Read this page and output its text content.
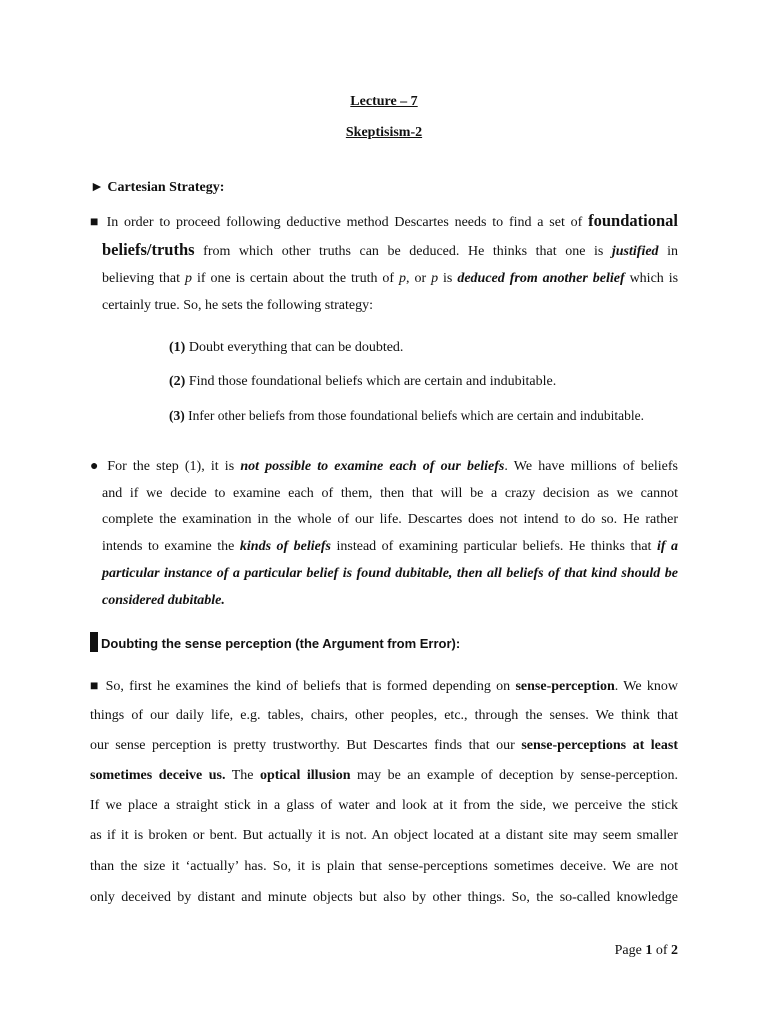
Lecture – 7
Skeptisism-2
► Cartesian Strategy:
■ In order to proceed following deductive method Descartes needs to find a set of foundational
beliefs/truths from which other truths can be deduced. He thinks that one is justified in
believing that p if one is certain about the truth of p, or p is deduced from another belief which is
certainly true. So, he sets the following strategy:
(1) Doubt everything that can be doubted.
(2) Find those foundational beliefs which are certain and indubitable.
(3) Infer other beliefs from those foundational beliefs which are certain and indubitable.
● For the step (1), it is not possible to examine each of our beliefs. We have millions of beliefs
and if we decide to examine each of them, then that will be a crazy decision as we cannot
complete the examination in the whole of our life. Descartes does not intend to do so. He rather
intends to examine the kinds of beliefs instead of examining particular beliefs. He thinks that if a
particular instance of a particular belief is found dubitable, then all beliefs of that kind should be
considered dubitable.
Doubting the sense perception (the Argument from Error):
■ So, first he examines the kind of beliefs that is formed depending on sense-perception. We know
things of our daily life, e.g. tables, chairs, other peoples, etc., through the senses. We think that
our sense perception is pretty trustworthy. But Descartes finds that our sense-perceptions at least
sometimes deceive us. The optical illusion may be an example of deception by sense-perception.
If we place a straight stick in a glass of water and look at it from the side, we perceive the stick
as if it is broken or bent. But actually it is not. An object located at a distant site may seem smaller
than the size it ‘actually’ has. So, it is plain that sense-perceptions sometimes deceive. We are not
only deceived by distant and minute objects but also by other things. So, the so-called knowledge
Page 1 of 2
